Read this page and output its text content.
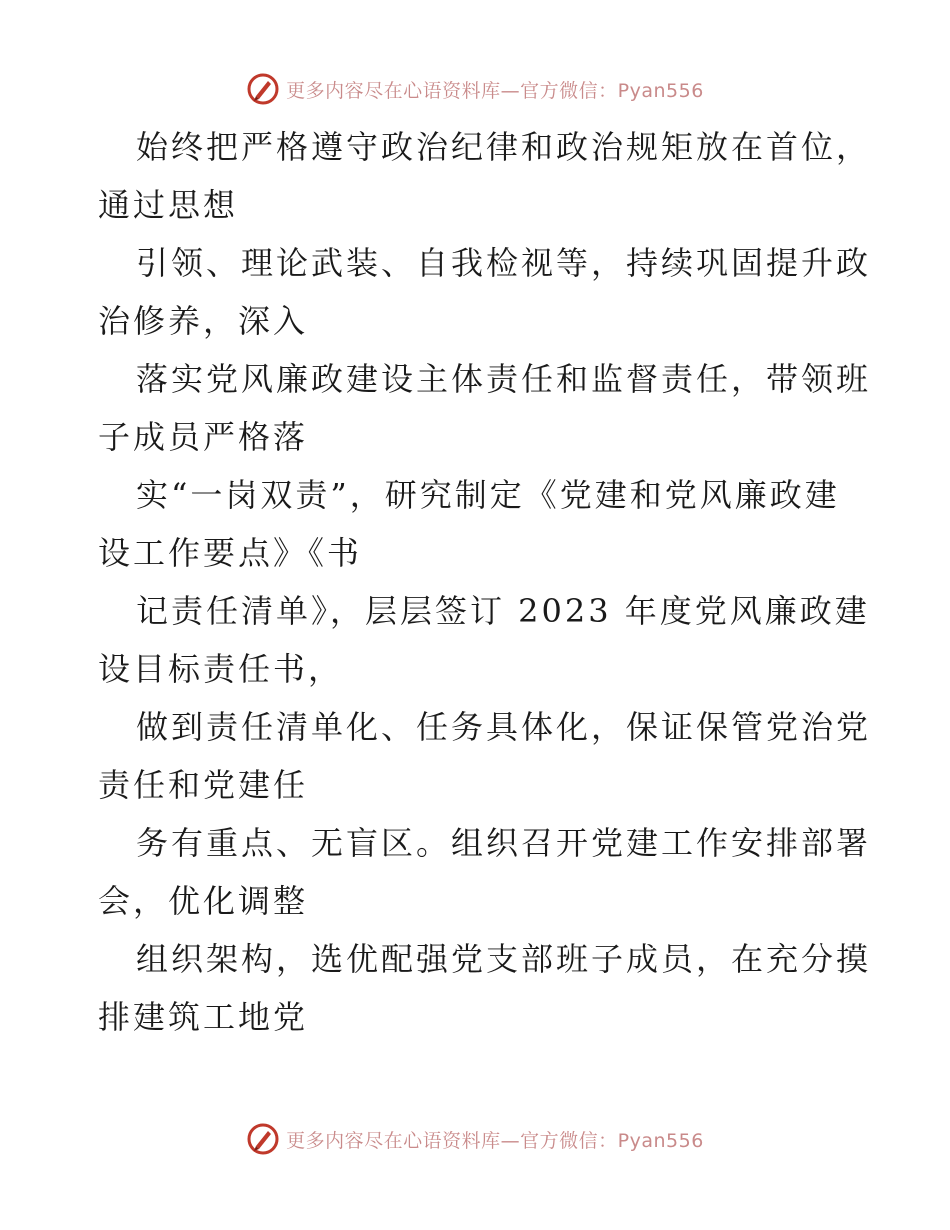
更多内容尽在心语资料库—官方微信：Pyan556

始终把严格遵守政治纪律和政治规矩放在首位，
通过思想

引领、理论武装、自我检视等，持续巩固提升政
治修养，深入

落实党风廉政建设主体责任和监督责任，带领班
子成员严格落

实“一岗双责”，研究制定《党建和党风廉政建
设工作要点》《书

记责任清单》，层层签订 2023 年度党风廉政建
设目标责任书，

做到责任清单化、任务具体化，保证保管党治党
责任和党建任

务有重点、无盲区。组织召开党建工作安排部署
会，优化调整

组织架构，选优配强党支部班子成员，在充分摸
排建筑工地党

更多内容尽在心语资料库—官方微信：Pyan556
